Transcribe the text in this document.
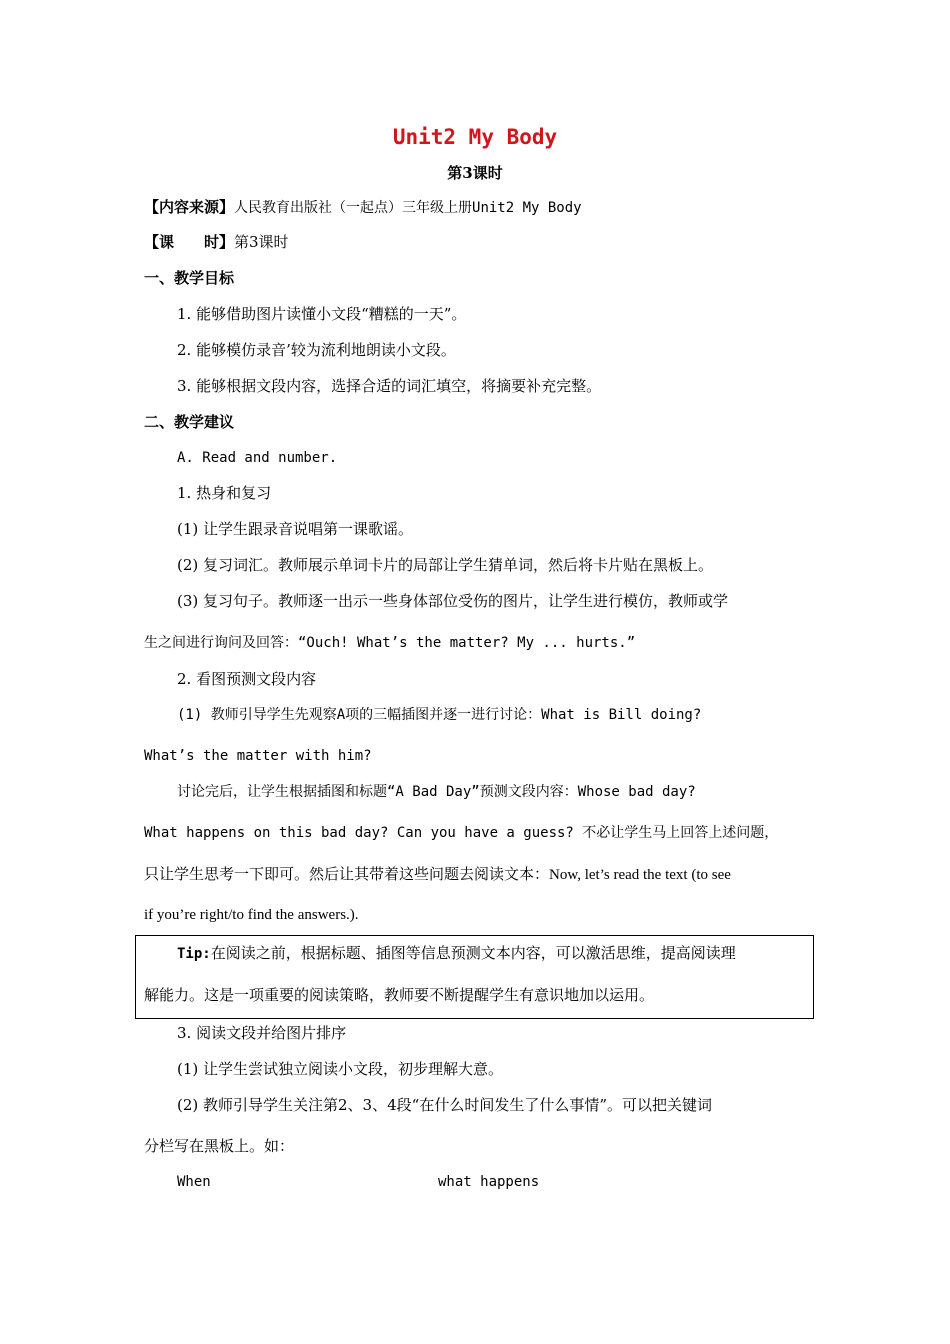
Unit2 My Body
第3课时
【内容来源】人民教育出版社（一起点）三年级上册Unit2 My Body
【课　　时】第3课时
一、教学目标
1. 能够借助图片读懂小文段“糟糕的一天”。
2. 能够模仿录音’较为流利地朗读小文段。
3. 能够根据文段内容，选择合适的词汇填空，将摘要补充完整。
二、教学建议
A. Read and number.
1. 热身和复习
(1) 让学生跟录音说唱第一课歌谣。
(2) 复习词汇。教师展示单词卡片的局部让学生猜单词，然后将卡片贴在黑板上。
(3) 复习句子。教师逐一出示一些身体部位受伤的图片，让学生进行模仿，教师或学
生之间进行询问及回答：“Ouch! What’s the matter? My ... hurts.”
2. 看图预测文段内容
(1) 教师引导学生先观察A项的三幅插图并逐一进行讨论：What is Bill doing?
What’s the matter with him?
讨论完后，让学生根据插图和标题“A Bad Day”预测文段内容：Whose bad day?
What happens on this bad day? Can you have a guess? 不必让学生马上回答上述问题，
只让学生思考一下即可。然后让其带着这些问题去阅读文本：Now, let’s read the text (to see
if you’re right/to find the answers.).
Tip:在阅读之前，根据标题、插图等信息预测文本内容，可以激活思维，提高阅读理
解能力。这是一项重要的阅读策略，教师要不断提醒学生有意识地加以运用。
3. 阅读文段并给图片排序
(1) 让学生尝试独立阅读小文段，初步理解大意。
(2) 教师引导学生关注第2、3、4段“在什么时间发生了什么事情”。可以把关键词
分栏写在黑板上。如：
When	what happens
